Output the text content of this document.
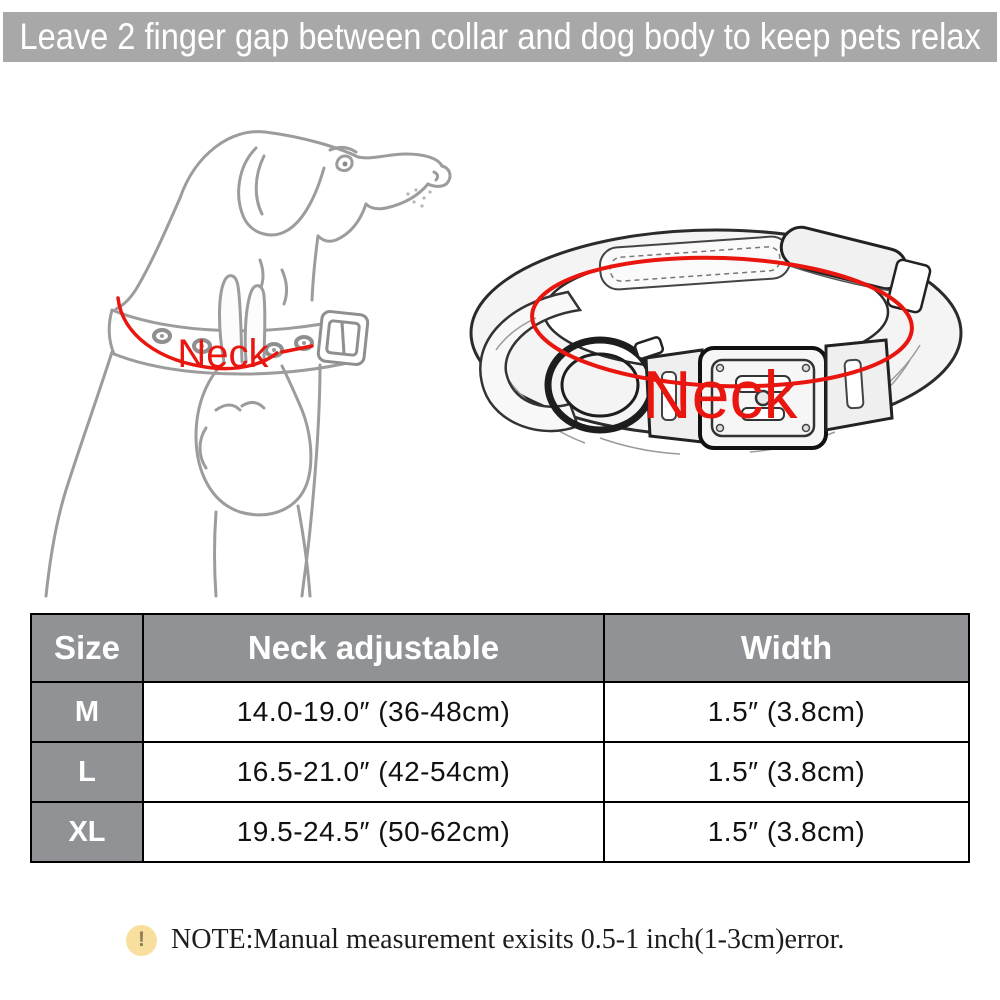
Leave 2 finger gap between collar and dog body to keep pets relax
Neck
Neck
Size	Neck adjustable	Width
M	14.0-19.0″ (36-48cm)	1.5″ (3.8cm)
L	16.5-21.0″ (42-54cm)	1.5″ (3.8cm)
XL	19.5-24.5″ (50-62cm)	1.5″ (3.8cm)
! NOTE:Manual measurement exisits 0.5-1 inch(1-3cm)error.
